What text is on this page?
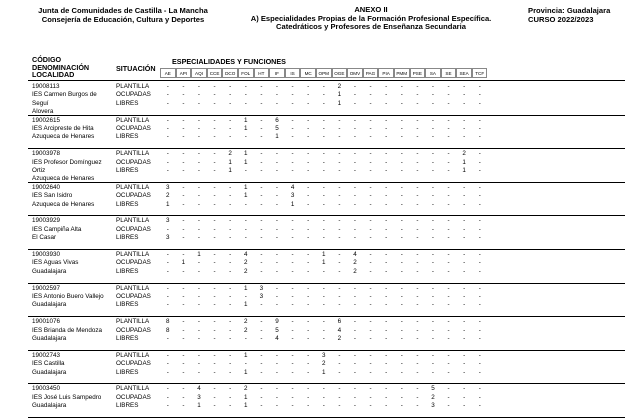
Junta de Comunidades de Castilla - La Mancha
Consejería de Educación, Cultura y Deportes
ANEXO II
A) Especialidades Propias de la Formación Profesional Específica.
Catedráticos y Profesores de Enseñanza Secundaria
Provincia: Guadalajara
CURSO 2022/2023
CÓDIGO
DENOMINACIÓN
LOCALIDAD
SITUACIÓN
ESPECIALIDADES Y FUNCIONES
AE	API	AQI	CCE	DCO	FOL	HT	IF	IS	MC	OPM	OGE	OMV	PAG	PIA	PMM	PSE	SA	SE	SEA	TCF
19008113
IES Carmen Burgos de Seguí
Alovera
PLANTILLA	-	-	-	-	-	-	-	-	-	-	-	2	-	-	-	-	-	-	-	-	-
OCUPADAS	-	-	-	-	-	-	-	-	-	-	-	1	-	-	-	-	-	-	-	-	-
LIBRES	-	-	-	-	-	-	-	-	-	-	-	1	-	-	-	-	-	-	-	-	-
19002615
IES Arcipreste de Hita
Azuqueca de Henares
PLANTILLA	-	-	-	-	-	1	-	6	-	-	-	-	-	-	-	-	-	-	-	-	-
OCUPADAS	-	-	-	-	-	1	-	5	-	-	-	-	-	-	-	-	-	-	-	-	-
LIBRES	-	-	-	-	-	-	-	1	-	-	-	-	-	-	-	-	-	-	-	-	-
19003978
IES Profesor Domínguez Ortiz
Azuqueca de Henares
PLANTILLA	-	-	-	-	2	1	-	-	-	-	-	-	-	-	-	-	-	-	-	2	-
OCUPADAS	-	-	-	-	1	1	-	-	-	-	-	-	-	-	-	-	-	-	-	1	-
LIBRES	-	-	-	-	1	-	-	-	-	-	-	-	-	-	-	-	-	-	-	1	-
19002640
IES San Isidro
Azuqueca de Henares
PLANTILLA	3	-	-	-	-	1	-	-	4	-	-	-	-	-	-	-	-	-	-	-	-
OCUPADAS	2	-	-	-	-	1	-	-	3	-	-	-	-	-	-	-	-	-	-	-	-
LIBRES	1	-	-	-	-	-	-	-	1	-	-	-	-	-	-	-	-	-	-	-	-
19003929
IES Campiña Alta
El Casar
PLANTILLA	3	-	-	-	-	-	-	-	-	-	-	-	-	-	-	-	-	-	-	-	-
OCUPADAS	-	-	-	-	-	-	-	-	-	-	-	-	-	-	-	-	-	-	-	-	-
LIBRES	3	-	-	-	-	-	-	-	-	-	-	-	-	-	-	-	-	-	-	-	-
19003930
IES Aguas Vivas
Guadalajara
PLANTILLA	-	-	1	-	-	4	-	-	-	-	1	-	4	-	-	-	-	-	-	-	-
OCUPADAS	-	1	-	-	-	2	-	-	-	-	1	-	2	-	-	-	-	-	-	-	-
LIBRES	-	-	-	-	-	2	-	-	-	-	-	-	2	-	-	-	-	-	-	-	-
19002597
IES Antonio Buero Vallejo
Guadalajara
PLANTILLA	-	-	-	-	-	1	3	-	-	-	-	-	-	-	-	-	-	-	-	-	-
OCUPADAS	-	-	-	-	-	-	3	-	-	-	-	-	-	-	-	-	-	-	-	-	-
LIBRES	-	-	-	-	-	1	-	-	-	-	-	-	-	-	-	-	-	-	-	-	-
19001076
IES Brianda de Mendoza
Guadalajara
PLANTILLA	8	-	-	-	-	2	-	9	-	-	-	6	-	-	-	-	-	-	-	-	-
OCUPADAS	8	-	-	-	-	2	-	5	-	-	-	4	-	-	-	-	-	-	-	-	-
LIBRES	-	-	-	-	-	-	-	4	-	-	-	2	-	-	-	-	-	-	-	-	-
19002743
IES Castilla
Guadalajara
PLANTILLA	-	-	-	-	-	1	-	-	-	-	3	-	-	-	-	-	-	-	-	-	-
OCUPADAS	-	-	-	-	-	-	-	-	-	-	2	-	-	-	-	-	-	-	-	-	-
LIBRES	-	-	-	-	-	1	-	-	-	-	1	-	-	-	-	-	-	-	-	-	-
19003450
IES José Luis Sampedro
Guadalajara
PLANTILLA	-	-	4	-	-	2	-	-	-	-	-	-	-	-	-	-	-	5	-	-	-
OCUPADAS	-	-	3	-	-	1	-	-	-	-	-	-	-	-	-	-	-	2	-	-	-
LIBRES	-	-	1	-	-	1	-	-	-	-	-	-	-	-	-	-	-	3	-	-	-
